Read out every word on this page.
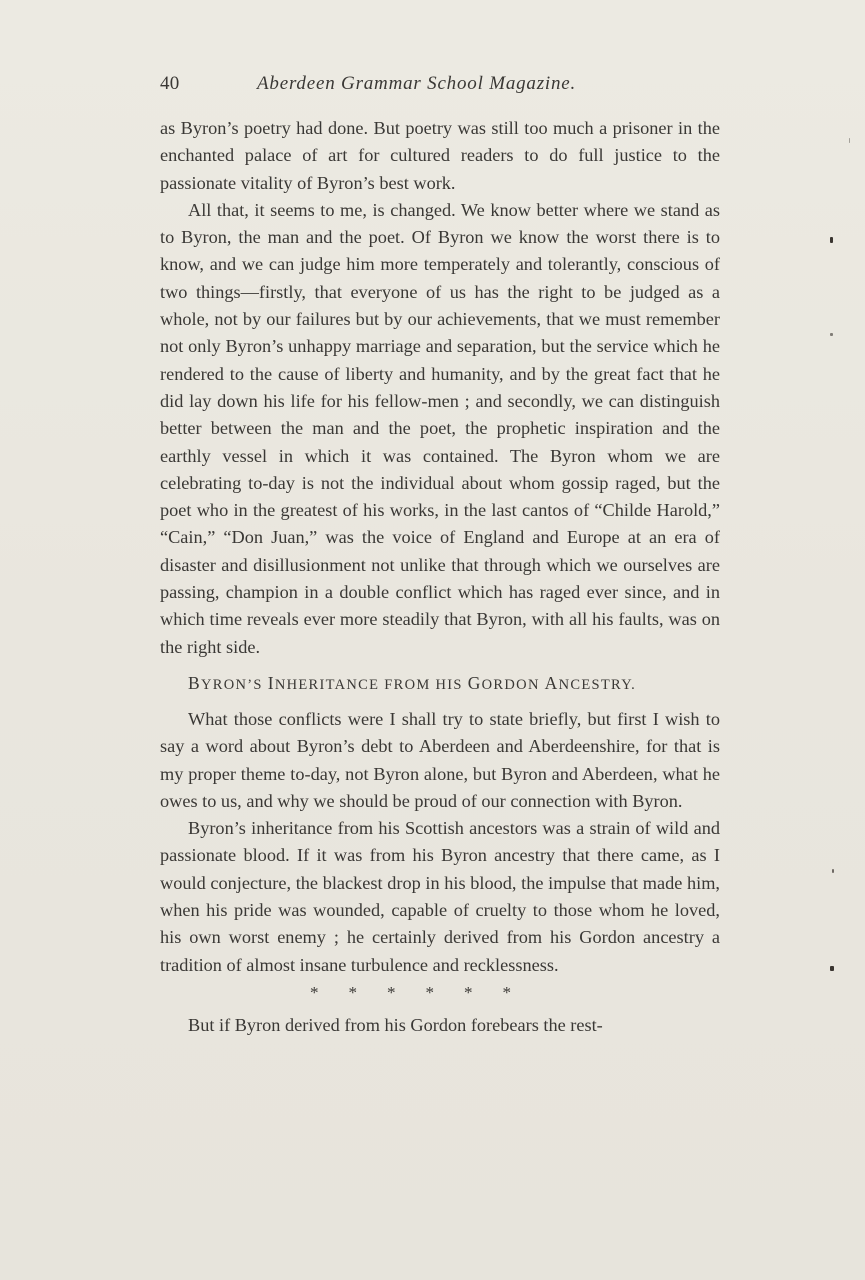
40	Aberdeen Grammar School Magazine.

as Byron’s poetry had done. But poetry was still too much a prisoner in the enchanted palace of art for cultured readers to do full justice to the passionate vitality of Byron’s best work.

All that, it seems to me, is changed. We know better where we stand as to Byron, the man and the poet. Of Byron we know the worst there is to know, and we can judge him more temperately and tolerantly, conscious of two things—firstly, that everyone of us has the right to be judged as a whole, not by our failures but by our achievements, that we must remember not only Byron’s unhappy marriage and separation, but the service which he rendered to the cause of liberty and humanity, and by the great fact that he did lay down his life for his fellow-men ; and secondly, we can distinguish better between the man and the poet, the prophetic inspiration and the earthly vessel in which it was contained. The Byron whom we are celebrating to-day is not the individual about whom gossip raged, but the poet who in the greatest of his works, in the last cantos of “Childe Harold,” “Cain,” “Don Juan,” was the voice of England and Europe at an era of disaster and disillusionment not unlike that through which we ourselves are passing, champion in a double conflict which has raged ever since, and in which time reveals ever more steadily that Byron, with all his faults, was on the right side.

BYRON’S INHERITANCE FROM HIS GORDON ANCESTRY.

What those conflicts were I shall try to state briefly, but first I wish to say a word about Byron’s debt to Aberdeen and Aberdeenshire, for that is my proper theme to-day, not Byron alone, but Byron and Aberdeen, what he owes to us, and why we should be proud of our connection with Byron.

Byron’s inheritance from his Scottish ancestors was a strain of wild and passionate blood. If it was from his Byron ancestry that there came, as I would conjecture, the blackest drop in his blood, the impulse that made him, when his pride was wounded, capable of cruelty to those whom he loved, his own worst enemy ; he certainly derived from his Gordon ancestry a tradition of almost insane turbulence and recklessness.

* * * * * *

But if Byron derived from his Gordon forebears the rest-
